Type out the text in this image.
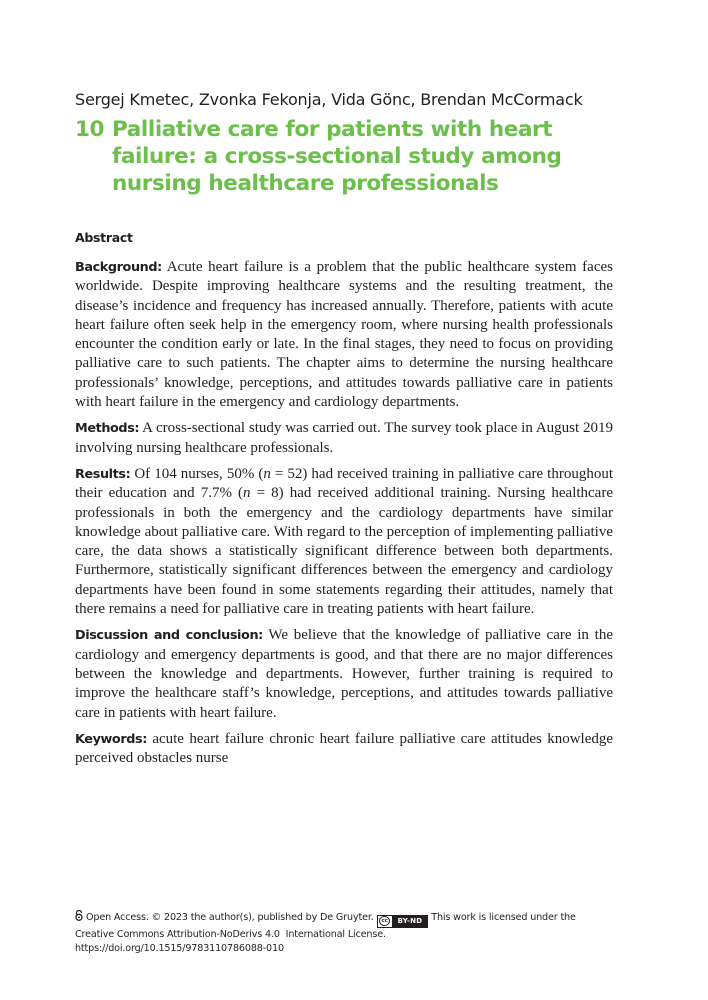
Sergej Kmetec, Zvonka Fekonja, Vida Gönc, Brendan McCormack
10 Palliative care for patients with heart failure: a cross-sectional study among nursing healthcare professionals
Abstract

Background: Acute heart failure is a problem that the public healthcare system faces worldwide. Despite improving healthcare systems and the resulting treatment, the disease’s incidence and frequency has increased annually. Therefore, patients with acute heart failure often seek help in the emergency room, where nursing health professionals encounter the condition early or late. In the final stages, they need to focus on providing palliative care to such patients. The chapter aims to determine the nursing healthcare professionals’ knowledge, perceptions, and attitudes towards palliative care in patients with heart failure in the emergency and cardiology departments.

Methods: A cross-sectional study was carried out. The survey took place in August 2019 involving nursing healthcare professionals.

Results: Of 104 nurses, 50% (n = 52) had received training in palliative care throughout their education and 7.7% (n = 8) had received additional training. Nursing healthcare professionals in both the emergency and the cardiology departments have similar knowledge about palliative care. With regard to the perception of implementing palliative care, the data shows a statistically significant difference between both departments. Furthermore, statistically significant differences between the emergency and cardiology departments have been found in some statements regarding their attitudes, namely that there remains a need for palliative care in treating patients with heart failure.

Discussion and conclusion: We believe that the knowledge of palliative care in the cardiology and emergency departments is good, and that there are no major differences between the knowledge and departments. However, further training is required to improve the healthcare staff’s knowledge, perceptions, and attitudes towards palliative care in patients with heart failure.

Keywords: acute heart failure chronic heart failure palliative care attitudes knowledge perceived obstacles nurse

Open Access. © 2023 the author(s), published by De Gruyter.	cc	BY-ND This work is licensed under the
Creative Commons Attribution-NoDerivs 4.0  International License.
https://doi.org/10.1515/9783110786088-010
